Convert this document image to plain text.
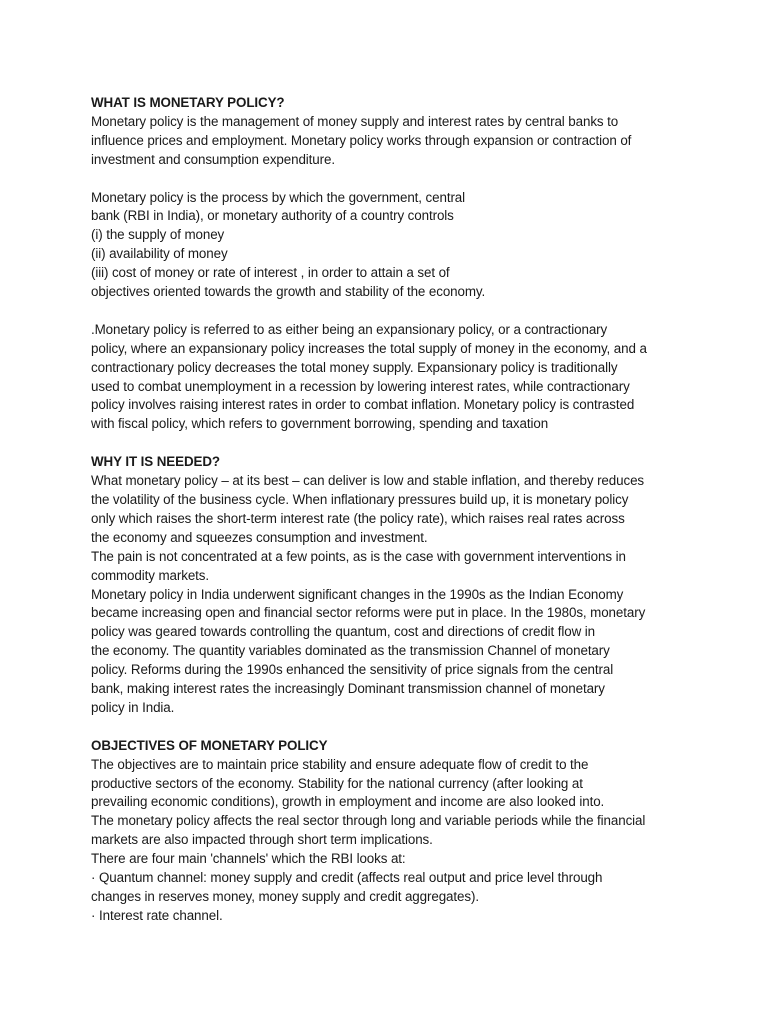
WHAT IS MONETARY POLICY?
Monetary policy is the management of money supply and interest rates by central banks to
influence prices and employment. Monetary policy works through expansion or contraction of
investment and consumption expenditure.
Monetary policy is the process by which the government, central
bank (RBI in India), or monetary authority of a country controls
(i) the supply of money
(ii) availability of money
(iii) cost of money or rate of interest , in order to attain a set of
objectives oriented towards the growth and stability of the economy.
.Monetary policy is referred to as either being an expansionary policy, or a contractionary
policy, where an expansionary policy increases the total supply of money in the economy, and a
contractionary policy decreases the total money supply. Expansionary policy is traditionally
used to combat unemployment in a recession by lowering interest rates, while contractionary
policy involves raising interest rates in order to combat inflation. Monetary policy is contrasted
with fiscal policy, which refers to government borrowing, spending and taxation
WHY IT IS NEEDED?
What monetary policy – at its best – can deliver is low and stable inflation, and thereby reduces
the volatility of the business cycle. When inflationary pressures build up, it is monetary policy
only which raises the short-term interest rate (the policy rate), which raises real rates across
the economy and squeezes consumption and investment.
The pain is not concentrated at a few points, as is the case with government interventions in
commodity markets.
Monetary policy in India underwent significant changes in the 1990s as the Indian Economy
became increasing open and financial sector reforms were put in place. In the 1980s, monetary
policy was geared towards controlling the quantum, cost and directions of credit flow in
the economy. The quantity variables dominated as the transmission Channel of monetary
policy. Reforms during the 1990s enhanced the sensitivity of price signals from the central
bank, making interest rates the increasingly Dominant transmission channel of monetary
policy in India.
OBJECTIVES OF MONETARY POLICY
The objectives are to maintain price stability and ensure adequate flow of credit to the
productive sectors of the economy. Stability for the national currency (after looking at
prevailing economic conditions), growth in employment and income are also looked into.
The monetary policy affects the real sector through long and variable periods while the financial
markets are also impacted through short term implications.
There are four main 'channels' which the RBI looks at:
· Quantum channel: money supply and credit (affects real output and price level through
changes in reserves money, money supply and credit aggregates).
· Interest rate channel.
